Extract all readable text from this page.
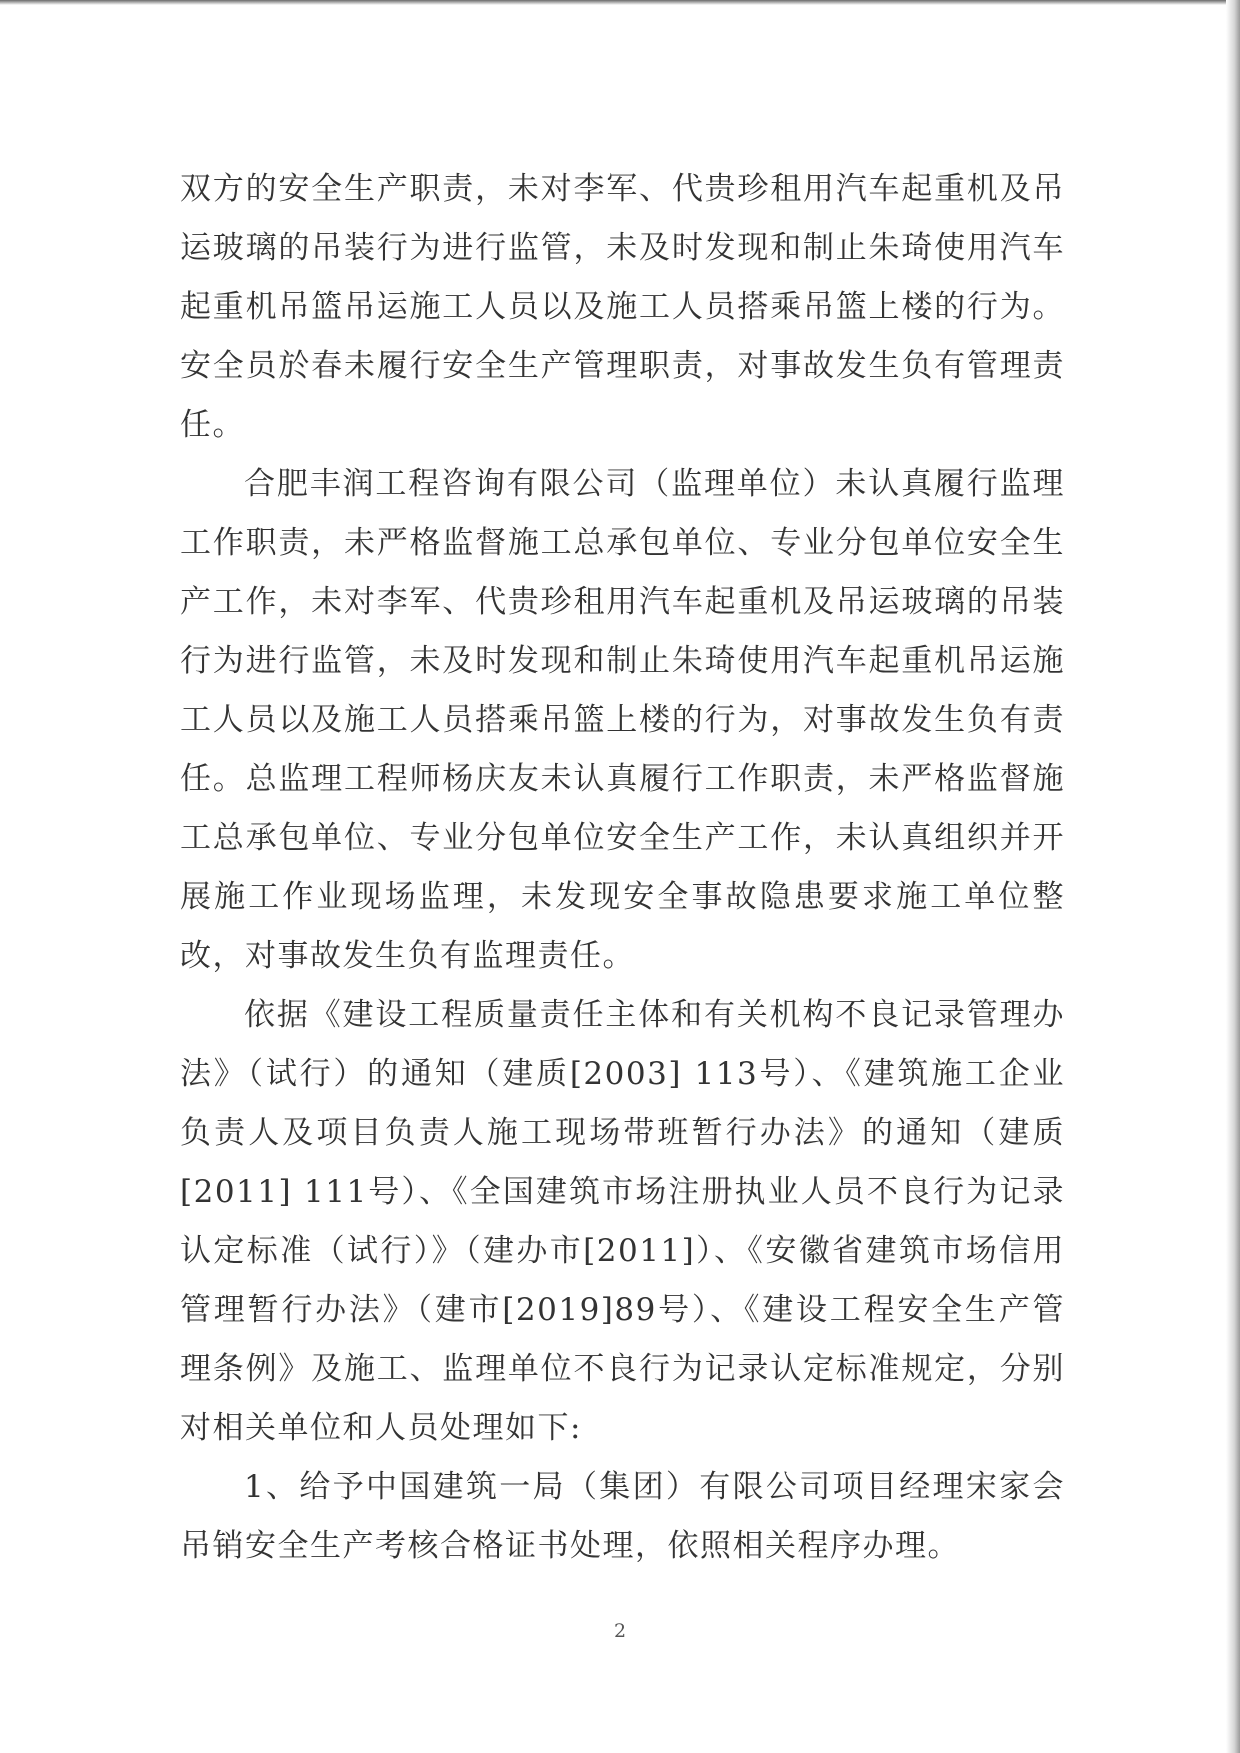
双方的安全生产职责，未对李军、代贵珍租用汽车起重机及吊运玻璃的吊装行为进行监管，未及时发现和制止朱琦使用汽车起重机吊篮吊运施工人员以及施工人员搭乘吊篮上楼的行为。安全员於春未履行安全生产管理职责，对事故发生负有管理责任。

合肥丰润工程咨询有限公司（监理单位）未认真履行监理工作职责，未严格监督施工总承包单位、专业分包单位安全生产工作，未对李军、代贵珍租用汽车起重机及吊运玻璃的吊装行为进行监管，未及时发现和制止朱琦使用汽车起重机吊运施工人员以及施工人员搭乘吊篮上楼的行为，对事故发生负有责任。总监理工程师杨庆友未认真履行工作职责，未严格监督施工总承包单位、专业分包单位安全生产工作，未认真组织并开展施工作业现场监理，未发现安全事故隐患要求施工单位整改，对事故发生负有监理责任。

依据《建设工程质量责任主体和有关机构不良记录管理办法》（试行）的通知（建质[2003] 113号）、《建筑施工企业负责人及项目负责人施工现场带班暂行办法》的通知（建质[2011] 111号）、《全国建筑市场注册执业人员不良行为记录认定标准（试行）》（建办市[2011]）、《安徽省建筑市场信用管理暂行办法》（建市[2019]89号）、《建设工程安全生产管理条例》及施工、监理单位不良行为记录认定标准规定，分别对相关单位和人员处理如下:

1、给予中国建筑一局（集团）有限公司项目经理宋家会吊销安全生产考核合格证书处理，依照相关程序办理。

2
